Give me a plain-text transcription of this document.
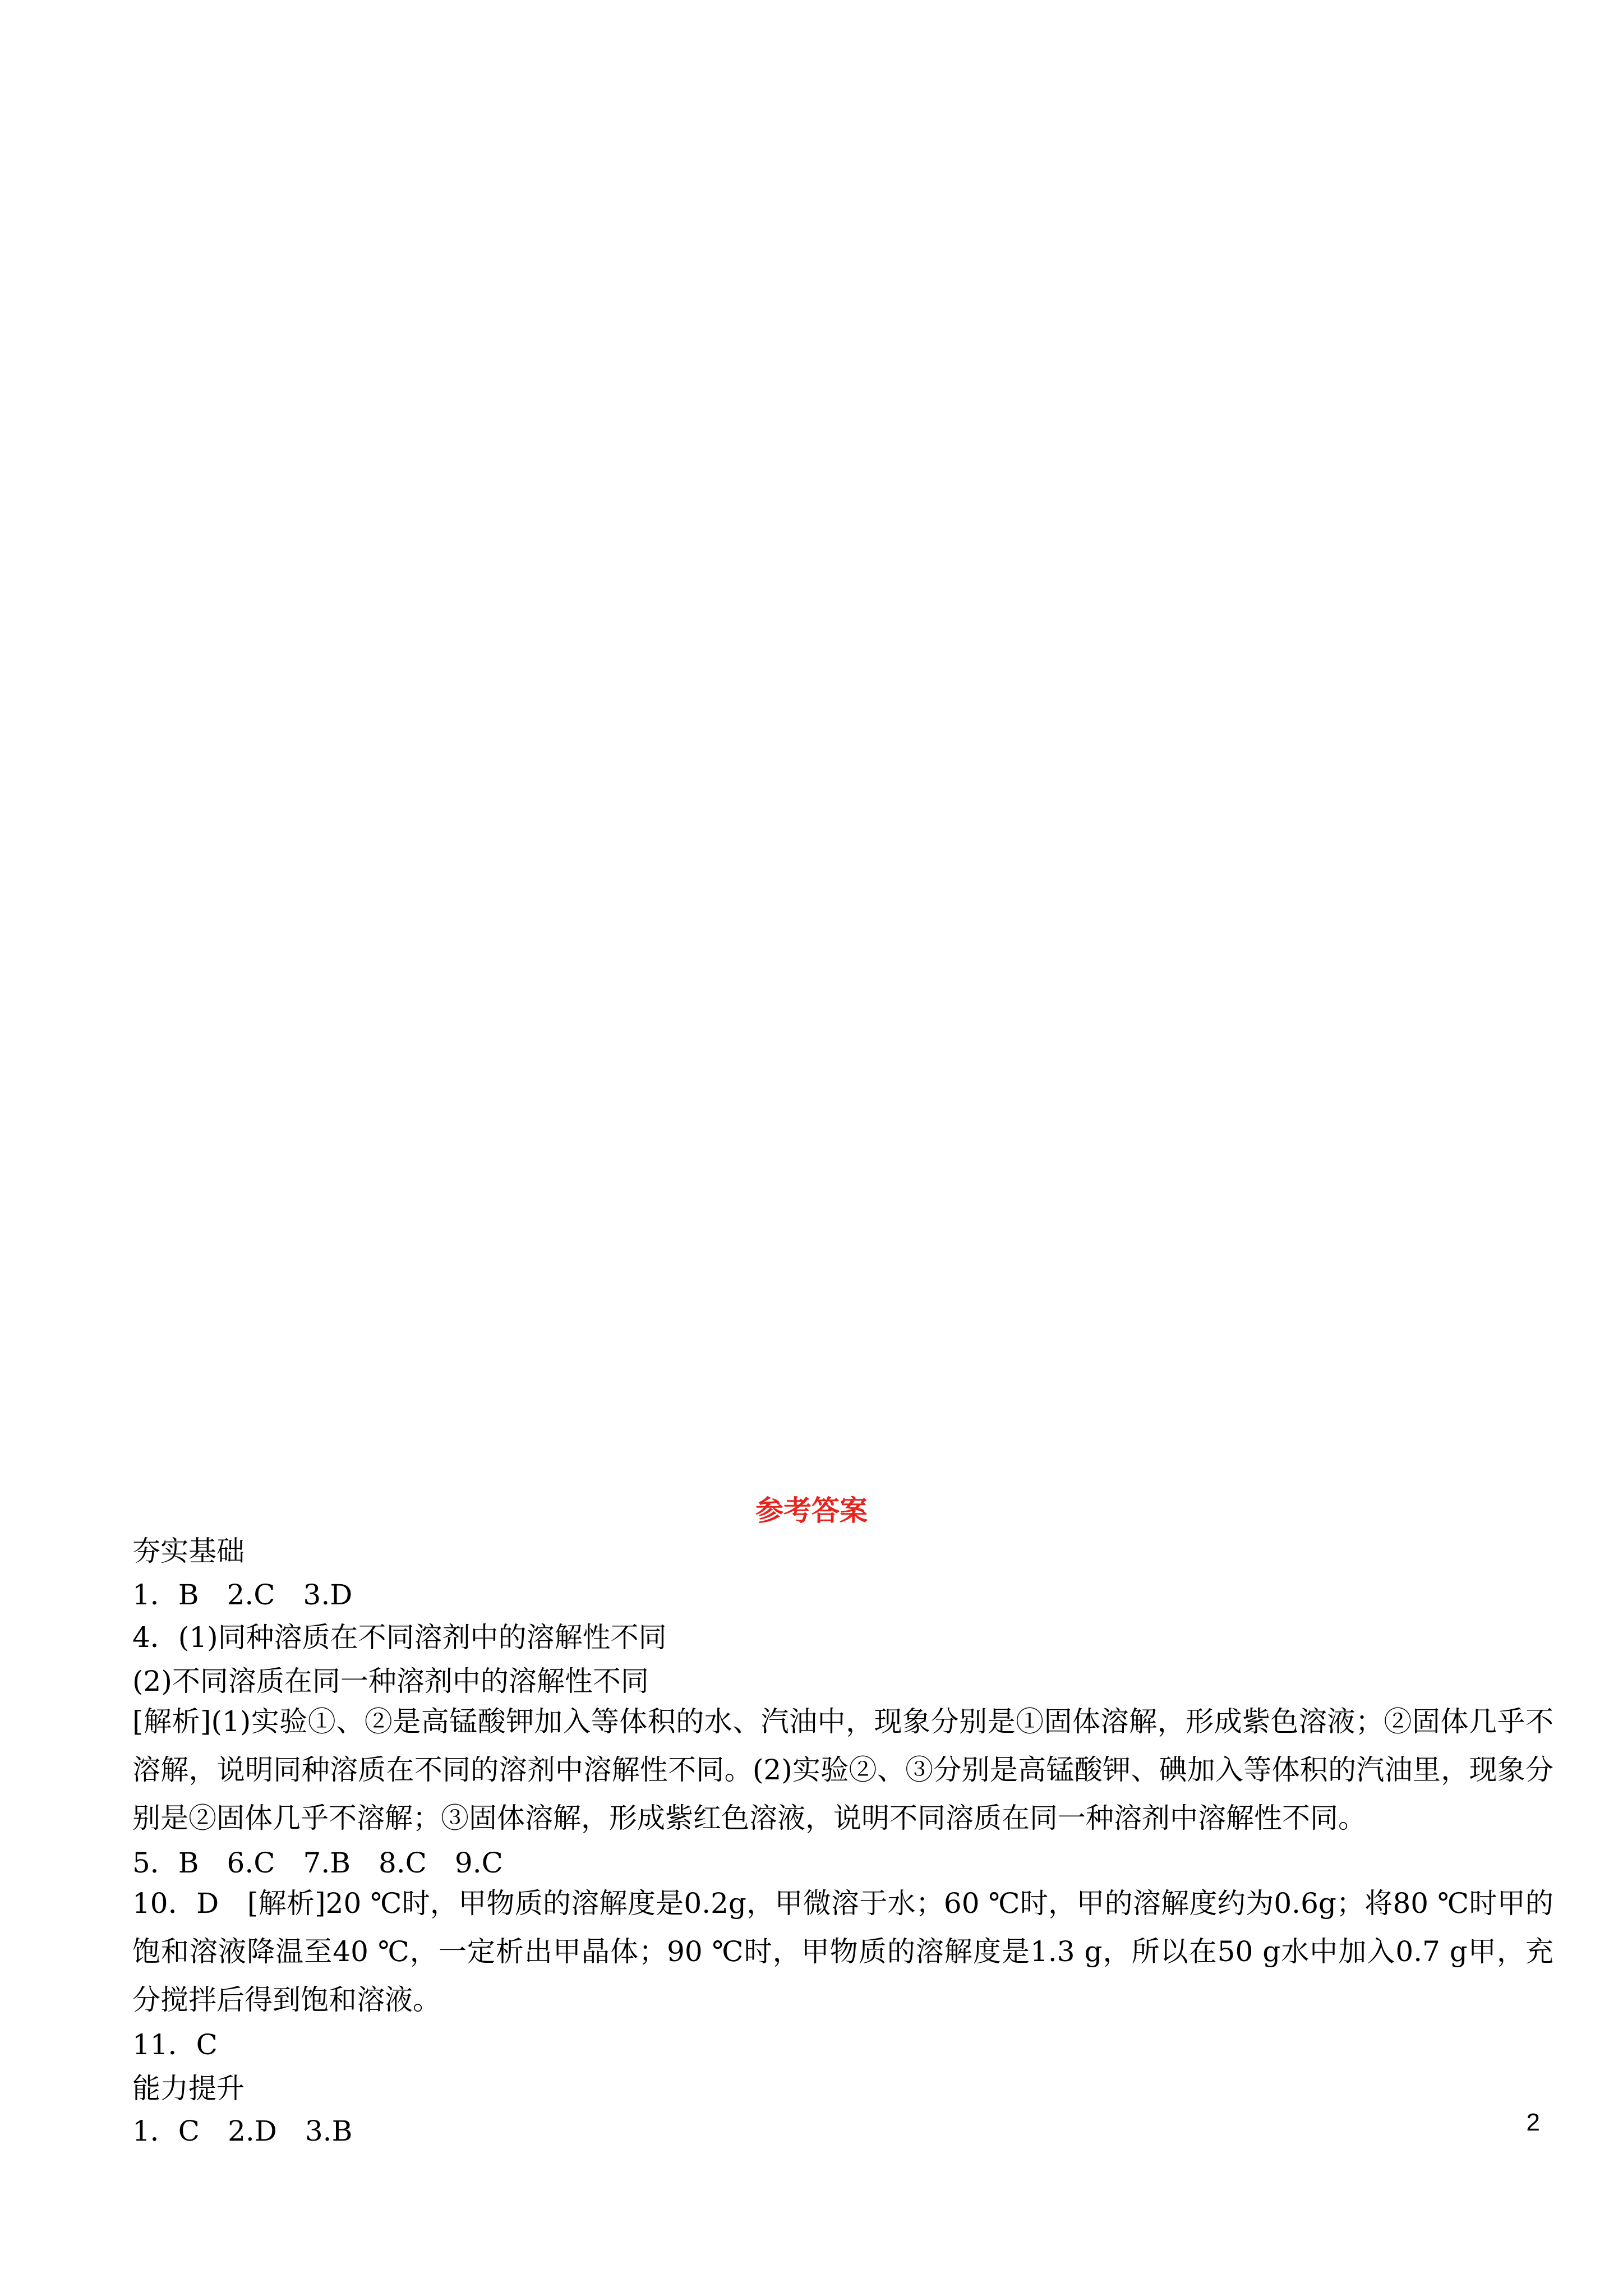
参考答案
夯实基础
1．B　2.C　3.D
4．(1)同种溶质在不同溶剂中的溶解性不同
(2)不同溶质在同一种溶剂中的溶解性不同
[解析](1)实验①、②是高锰酸钾加入等体积的水、汽油中，现象分别是①固体溶解，形成紫色溶液；②固体几乎不溶解，说明同种溶质在不同的溶剂中溶解性不同。(2)实验②、③分别是高锰酸钾、碘加入等体积的汽油里，现象分别是②固体几乎不溶解；③固体溶解，形成紫红色溶液，说明不同溶质在同一种溶剂中溶解性不同。
5．B　6.C　7.B　8.C　9.C
10．D　[解析]20 ℃时，甲物质的溶解度是0.2g，甲微溶于水；60 ℃时，甲的溶解度约为0.6g；将80 ℃时甲的饱和溶液降温至40 ℃，一定析出甲晶体；90 ℃时，甲物质的溶解度是1.3 g，所以在50 g水中加入0.7 g甲，充分搅拌后得到饱和溶液。
11．C
能力提升
1．C　2.D　3.B	2
